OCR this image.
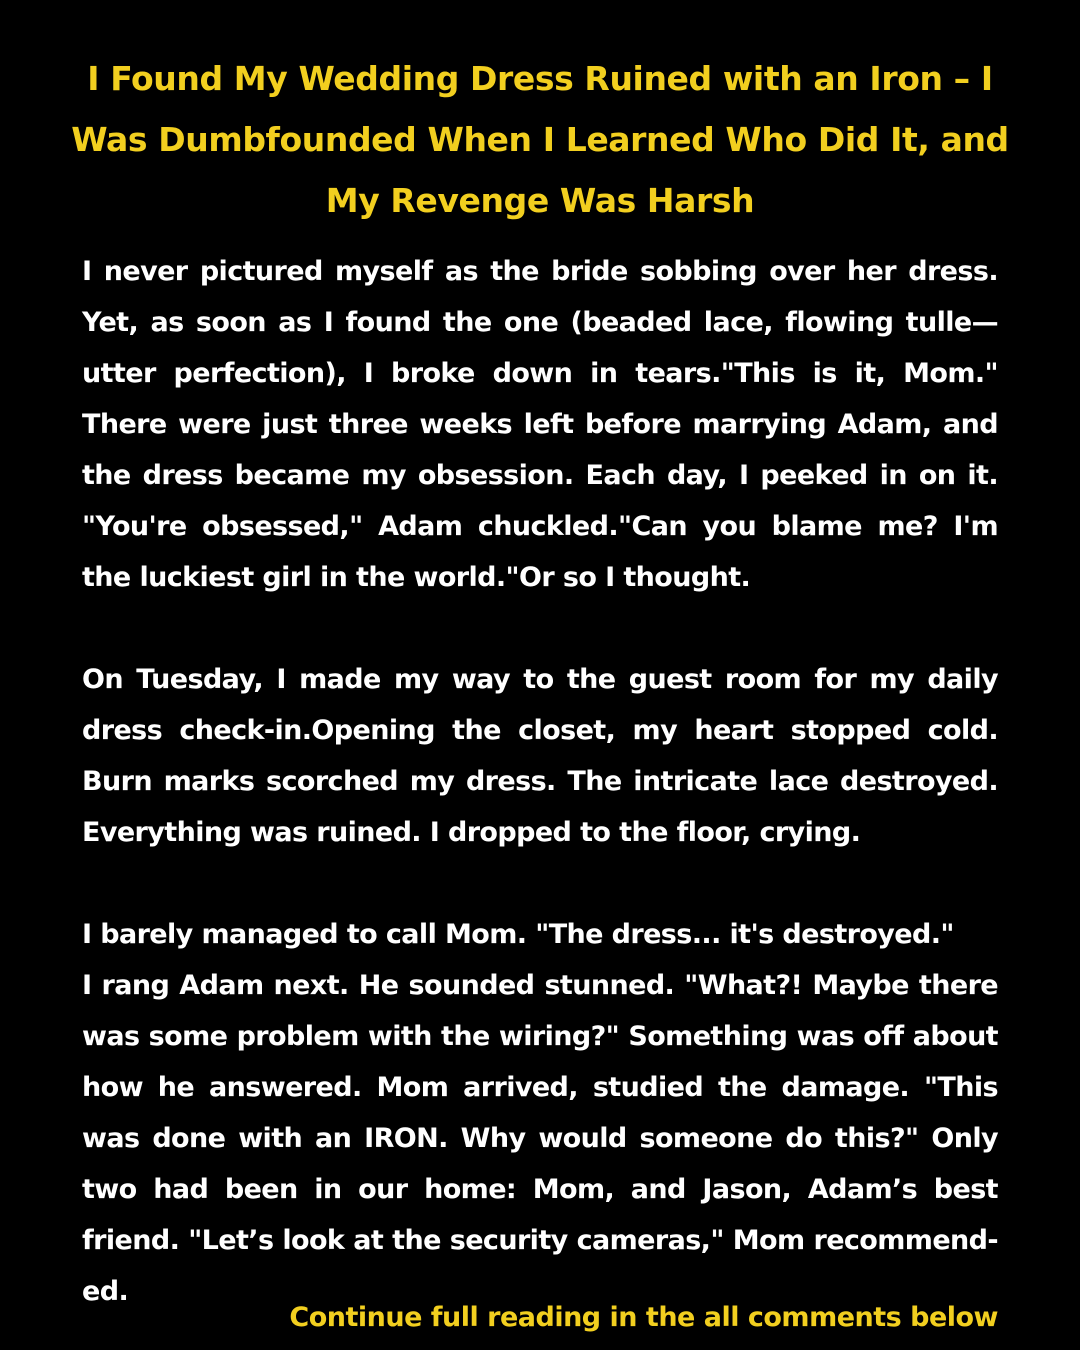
I Found My Wedding Dress Ruined with an Iron – I Was Dumbfounded When I Learned Who Did It, and My Revenge Was Harsh

I never pictured myself as the bride sobbing over her dress. Yet, as soon as I found the one (beaded lace, flowing tulle—utter perfection), I broke down in tears."This is it, Mom." There were just three weeks left before marrying Adam, and the dress became my obsession. Each day, I peeked in on it. "You're obsessed," Adam chuckled."Can you blame me? I'm the luckiest girl in the world."Or so I thought.

On Tuesday, I made my way to the guest room for my daily dress check-in.Opening the closet, my heart stopped cold. Burn marks scorched my dress. The intricate lace destroyed. Everything was ruined. I dropped to the floor, crying.

I barely managed to call Mom. "The dress... it's destroyed."
I rang Adam next. He sounded stunned. "What?! Maybe there was some problem with the wiring?" Something was off about how he answered. Mom arrived, studied the damage. "This was done with an IRON. Why would someone do this?" Only two had been in our home: Mom, and Jason, Adam’s best friend. "Let’s look at the security cameras," Mom recommend-ed.

Continue full reading in the all comments below
